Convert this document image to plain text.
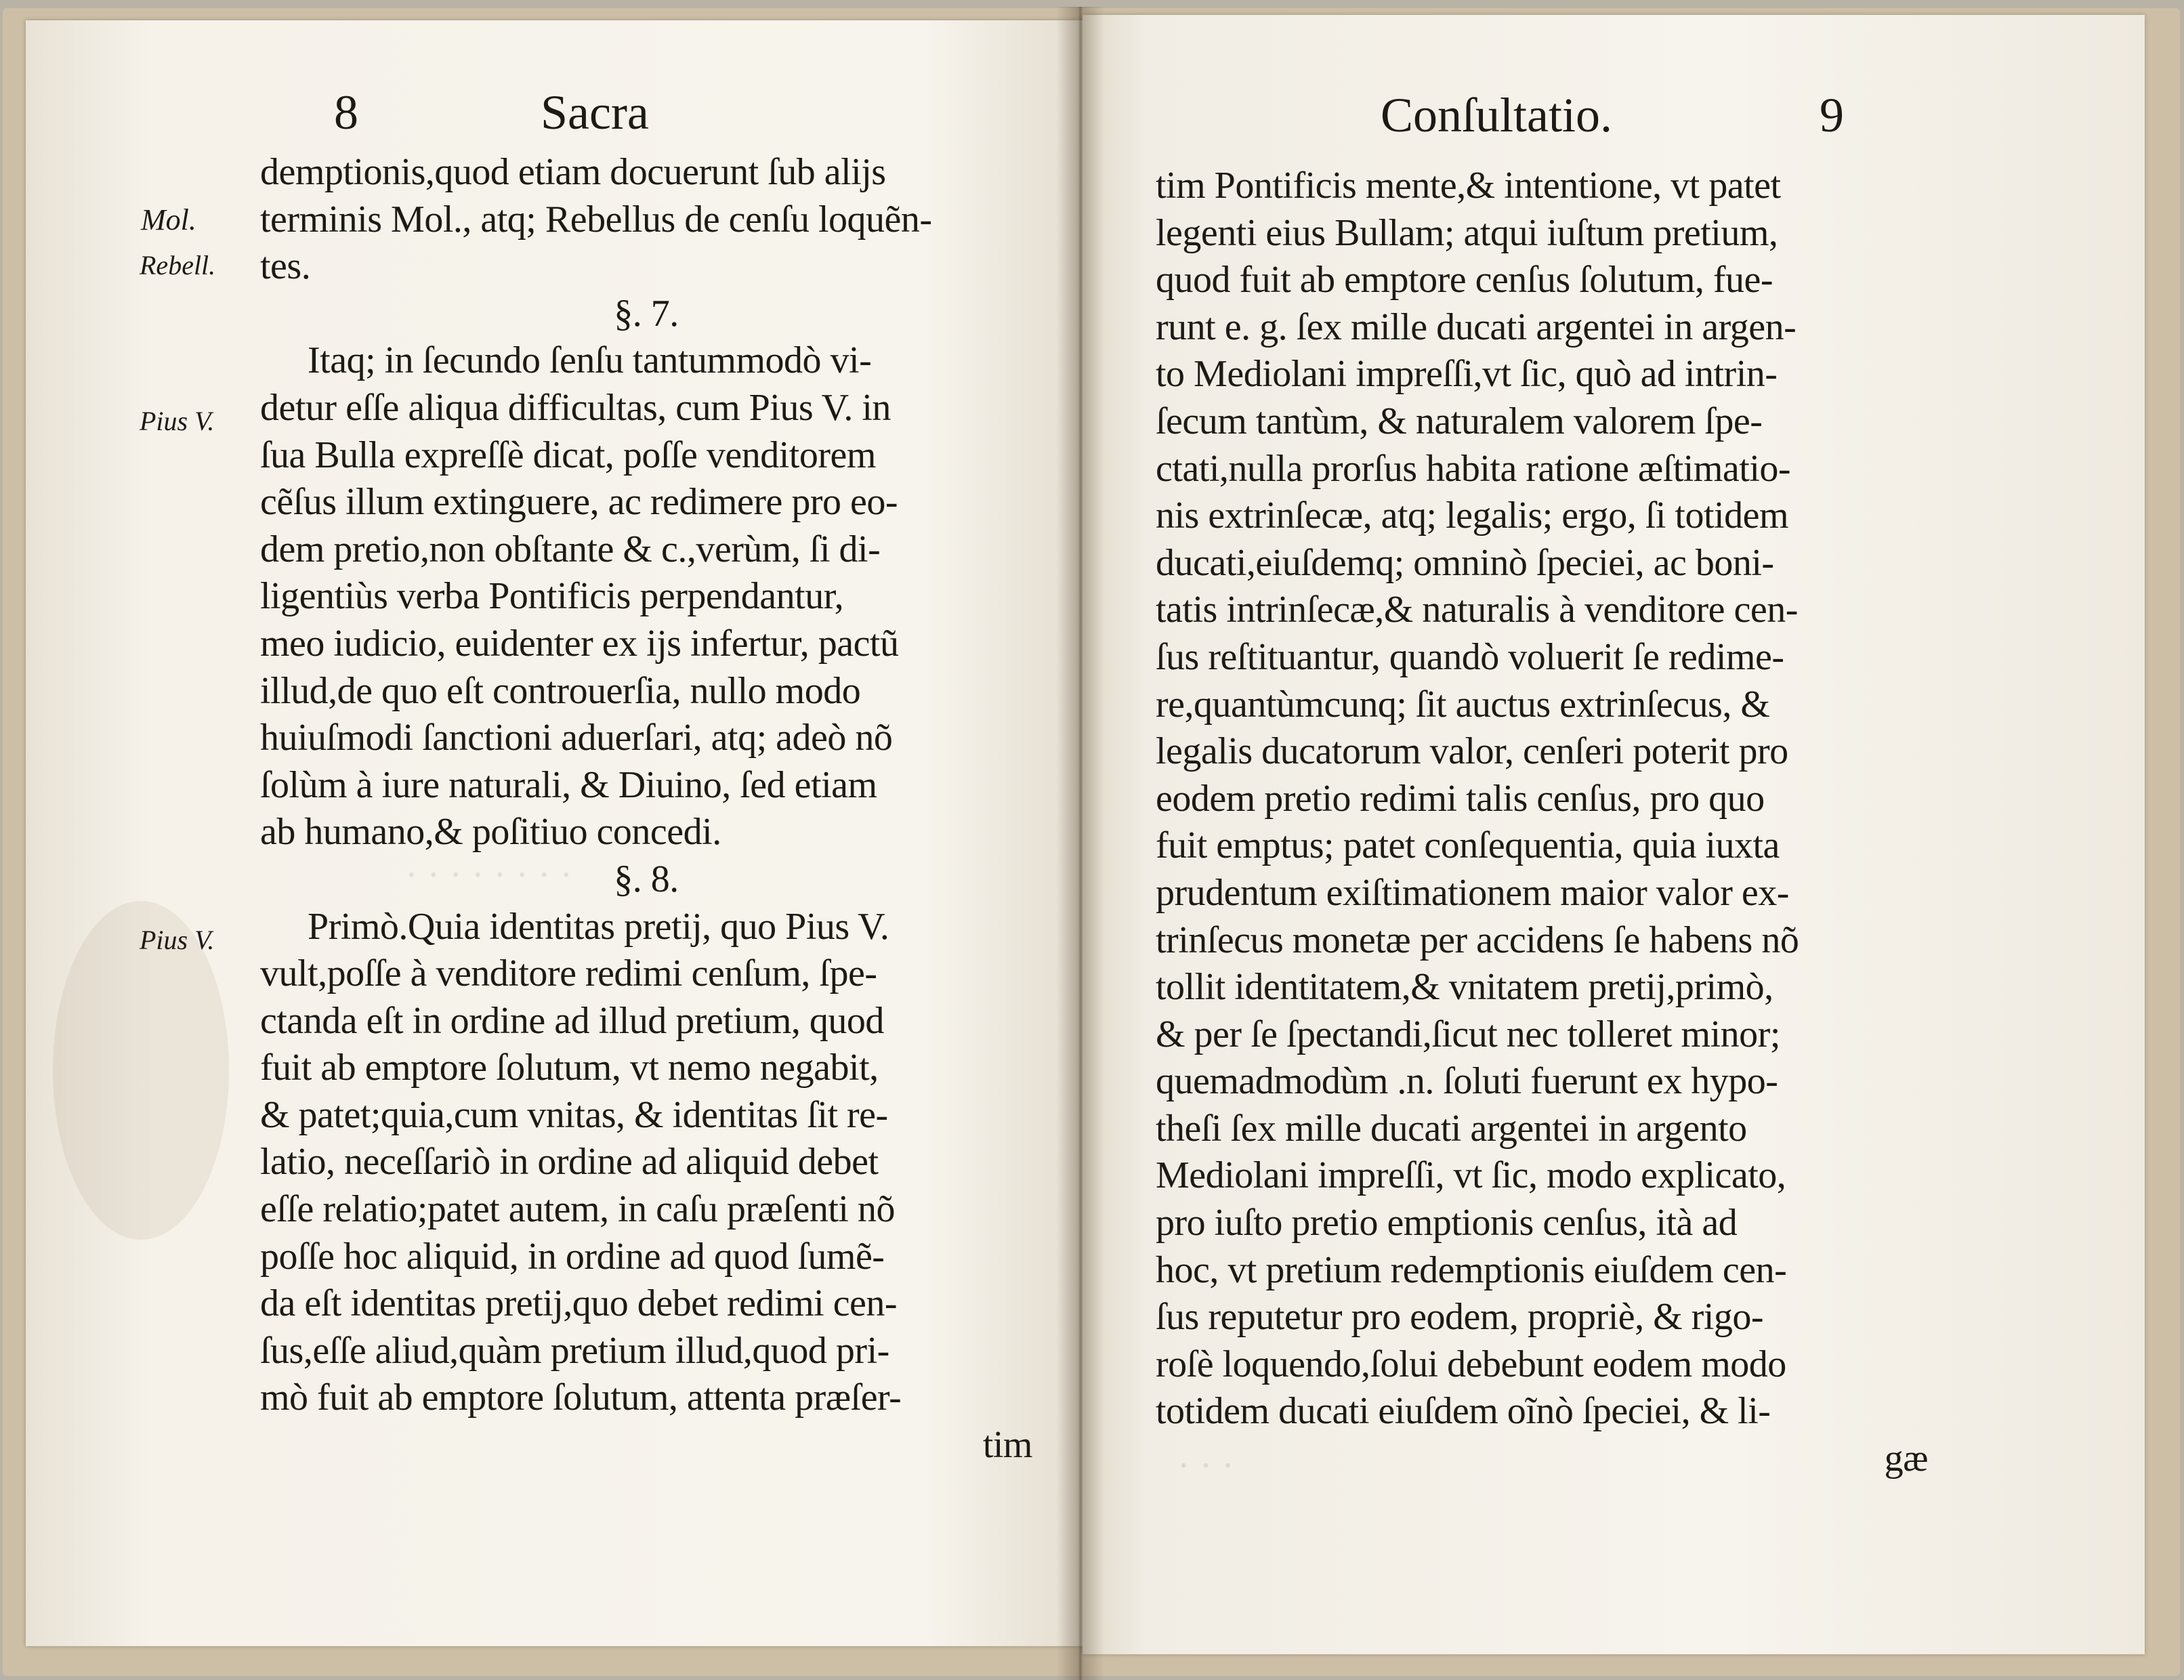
· · · · · · · ·
8	Sacra
Mol.
Rebell.
Pius V.
Pius V.
demptionis,quod etiam docuerunt ſub alijs
terminis Mol., atq; Rebellus de cenſu loquẽn-
tes.
§. 7.
Itaq; in ſecundo ſenſu tantummodò vi-
detur eſſe aliqua difficultas, cum Pius V. in
ſua Bulla expreſſè dicat, poſſe venditorem
cẽſus illum extinguere, ac redimere pro eo-
dem pretio,non obſtante & c.,verùm, ſi di-
ligentiùs verba Pontificis perpendantur,
meo iudicio, euidenter ex ijs infertur, pactũ
illud,de quo eſt controuerſia, nullo modo
huiuſmodi ſanctioni aduerſari, atq; adeò nõ
ſolùm à iure naturali, & Diuino, ſed etiam
ab humano,& poſitiuo concedi.
§. 8.
Primò.Quia identitas pretij, quo Pius V.
vult,poſſe à venditore redimi cenſum, ſpe-
ctanda eſt in ordine ad illud pretium, quod
fuit ab emptore ſolutum, vt nemo negabit,
& patet;quia,cum vnitas, & identitas ſit re-
latio, neceſſariò in ordine ad aliquid debet
eſſe relatio;patet autem, in caſu præſenti nõ
poſſe hoc aliquid, in ordine ad quod ſumẽ-
da eſt identitas pretij,quo debet redimi cen-
ſus,eſſe aliud,quàm pretium illud,quod pri-
mò fuit ab emptore ſolutum, attenta præſer-
tim	· · ·
Conſultatio.	9
tim Pontificis mente,& intentione, vt patet
legenti eius Bullam; atqui iuſtum pretium,
quod fuit ab emptore cenſus ſolutum, fue-
runt e. g. ſex mille ducati argentei in argen-
to Mediolani impreſſi,vt ſic, quò ad intrin-
ſecum tantùm, & naturalem valorem ſpe-
ctati,nulla prorſus habita ratione æſtimatio-
nis extrinſecæ, atq; legalis; ergo, ſi totidem
ducati,eiuſdemq; omninò ſpeciei, ac boni-
tatis intrinſecæ,& naturalis à venditore cen-
ſus reſtituantur, quandò voluerit ſe redime-
re,quantùmcunq; ſit auctus extrinſecus, &
legalis ducatorum valor, cenſeri poterit pro
eodem pretio redimi talis cenſus, pro quo
fuit emptus; patet conſequentia, quia iuxta
prudentum exiſtimationem maior valor ex-
trinſecus monetæ per accidens ſe habens nõ
tollit identitatem,& vnitatem pretij,primò,
& per ſe ſpectandi,ſicut nec tolleret minor;
quemadmodùm .n. ſoluti fuerunt ex hypo-
theſi ſex mille ducati argentei in argento
Mediolani impreſſi, vt ſic, modo explicato,
pro iuſto pretio emptionis cenſus, ità ad
hoc, vt pretium redemptionis eiuſdem cen-
ſus reputetur pro eodem, propriè, & rigo-
roſè loquendo,ſolui debebunt eodem modo
totidem ducati eiuſdem oĩnò ſpeciei, & li-
gæ
